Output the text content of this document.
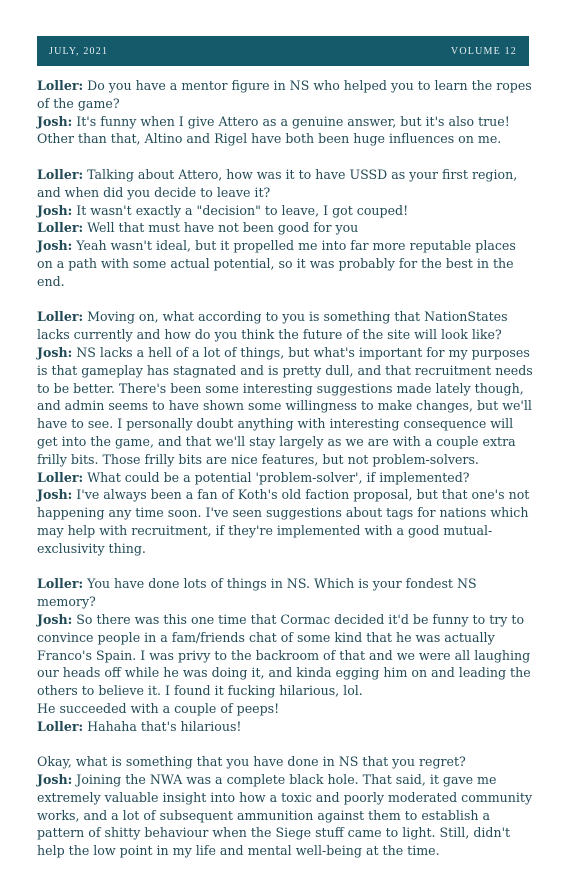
JULY, 2021	VOLUME 12
Loller: Do you have a mentor figure in NS who helped you to learn the ropes of the game?
Josh: It's funny when I give Attero as a genuine answer, but it's also true! Other than that, Altino and Rigel have both been huge influences on me.
Loller: Talking about Attero, how was it to have USSD as your first region, and when did you decide to leave it?
Josh: It wasn't exactly a "decision" to leave, I got couped!
Loller: Well that must have not been good for you
Josh: Yeah wasn't ideal, but it propelled me into far more reputable places on a path with some actual potential, so it was probably for the best in the end.
Loller: Moving on, what according to you is something that NationStates lacks currently and how do you think the future of the site will look like?
Josh: NS lacks a hell of a lot of things, but what's important for my purposes is that gameplay has stagnated and is pretty dull, and that recruitment needs to be better. There's been some interesting suggestions made lately though, and admin seems to have shown some willingness to make changes, but we'll have to see. I personally doubt anything with interesting consequence will get into the game, and that we'll stay largely as we are with a couple extra frilly bits. Those frilly bits are nice features, but not problem-solvers.
Loller: What could be a potential 'problem-solver', if implemented?
Josh: I've always been a fan of Koth's old faction proposal, but that one's not happening any time soon. I've seen suggestions about tags for nations which may help with recruitment, if they're implemented with a good mutual-exclusivity thing.
Loller: You have done lots of things in NS. Which is your fondest NS memory?
Josh: So there was this one time that Cormac decided it'd be funny to try to convince people in a fam/friends chat of some kind that he was actually Franco's Spain. I was privy to the backroom of that and we were all laughing our heads off while he was doing it, and kinda egging him on and leading the others to believe it. I found it fucking hilarious, lol.
He succeeded with a couple of peeps!
Loller: Hahaha that's hilarious!
Okay, what is something that you have done in NS that you regret?
Josh: Joining the NWA was a complete black hole. That said, it gave me extremely valuable insight into how a toxic and poorly moderated community works, and a lot of subsequent ammunition against them to establish a pattern of shitty behaviour when the Siege stuff came to light. Still, didn't help the low point in my life and mental well-being at the time.
